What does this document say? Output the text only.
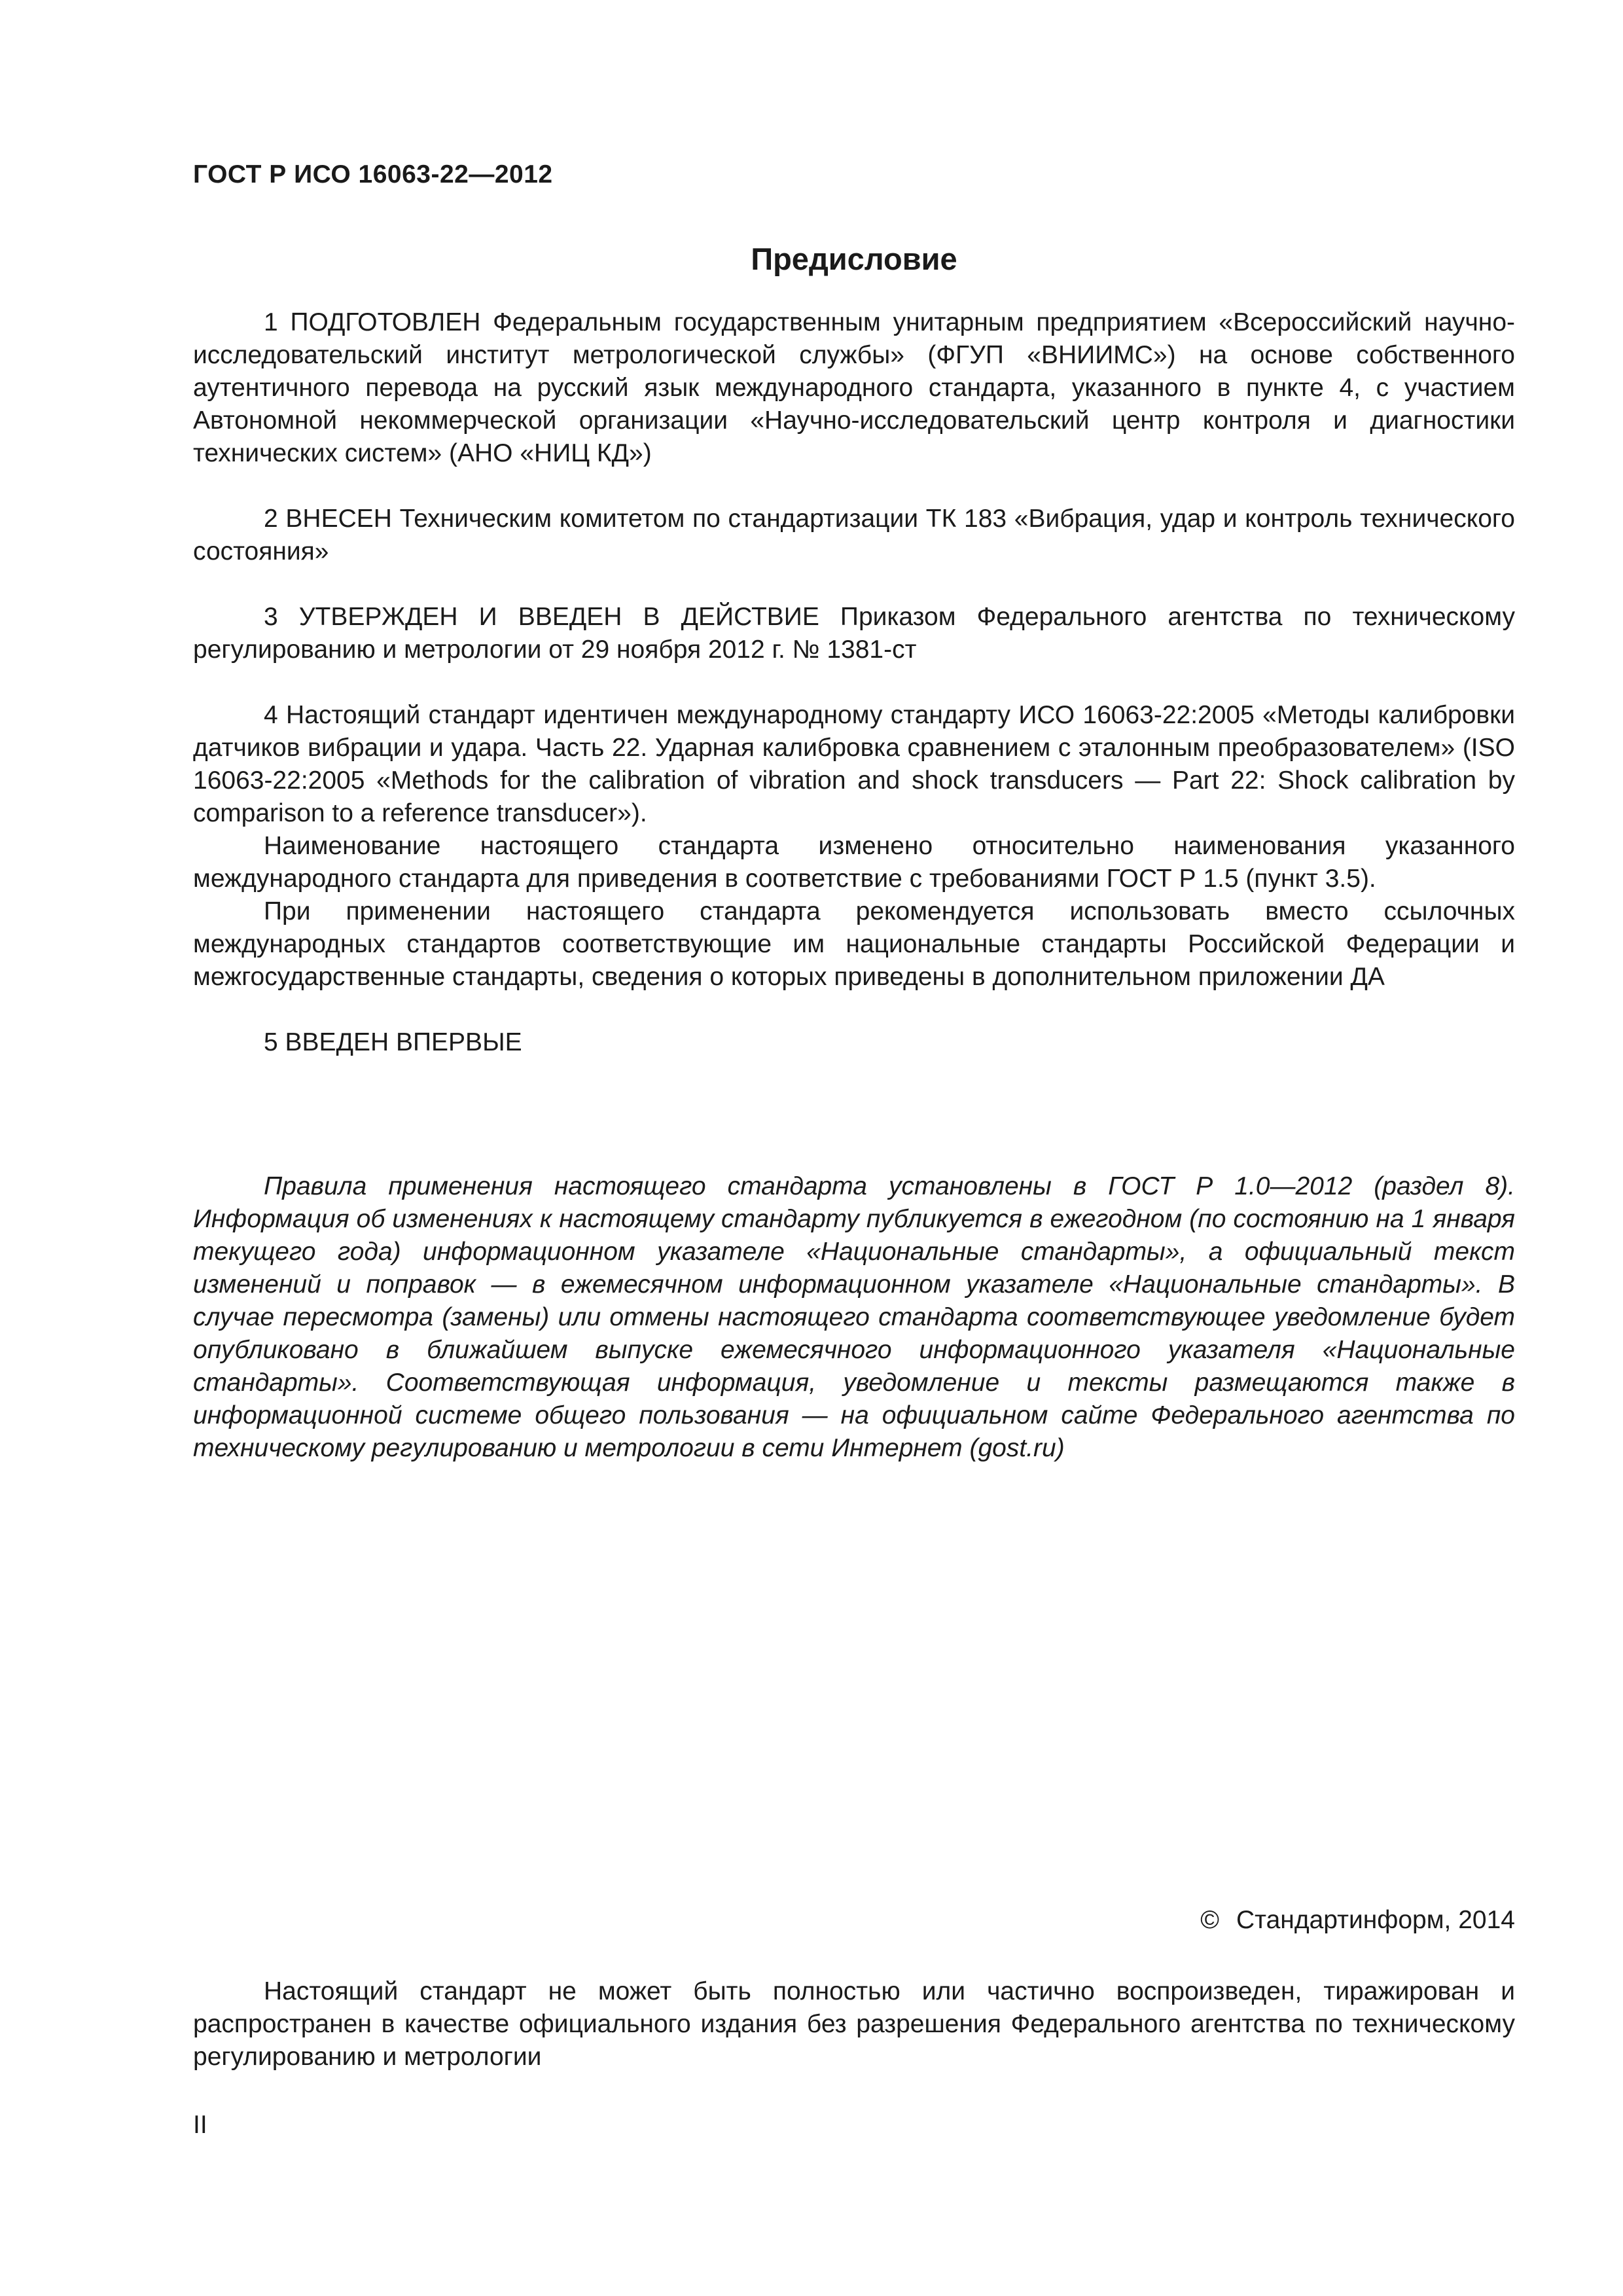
ГОСТ Р ИСО 16063-22—2012
Предисловие

1 ПОДГОТОВЛЕН Федеральным государственным унитарным предприятием «Всероссийский научно-исследовательский институт метрологической службы» (ФГУП «ВНИИМС») на основе собственного аутентичного перевода на русский язык международного стандарта, указанного в пункте 4, с участием Автономной некоммерческой организации «Научно-исследовательский центр контроля и диагностики технических систем» (АНО «НИЦ КД»)

2 ВНЕСЕН Техническим комитетом по стандартизации ТК 183 «Вибрация, удар и контроль технического состояния»

3 УТВЕРЖДЕН И ВВЕДЕН В ДЕЙСТВИЕ Приказом Федерального агентства по техническому регулированию и метрологии от 29 ноября 2012 г. № 1381-ст

4 Настоящий стандарт идентичен международному стандарту ИСО 16063-22:2005 «Методы калибровки датчиков вибрации и удара. Часть 22. Ударная калибровка сравнением с эталонным преобразователем» (ISO 16063-22:2005 «Methods for the calibration of vibration and shock transducers — Part 22: Shock calibration by comparison to a reference transducer»).

Наименование настоящего стандарта изменено относительно наименования указанного международного стандарта для приведения в соответствие с требованиями ГОСТ Р 1.5 (пункт 3.5).

При применении настоящего стандарта рекомендуется использовать вместо ссылочных международных стандартов соответствующие им национальные стандарты Российской Федерации и межгосударственные стандарты, сведения о которых приведены в дополнительном приложении ДА

5 ВВЕДЕН ВПЕРВЫЕ

Правила применения настоящего стандарта установлены в ГОСТ Р 1.0—2012 (раздел 8). Информация об изменениях к настоящему стандарту публикуется в ежегодном (по состоянию на 1 января текущего года) информационном указателе «Национальные стандарты», а официальный текст изменений и поправок — в ежемесячном информационном указателе «Национальные стандарты». В случае пересмотра (замены) или отмены настоящего стандарта соответствующее уведомление будет опубликовано в ближайшем выпуске ежемесячного информационного указателя «Национальные стандарты». Соответствующая информация, уведомление и тексты размещаются также в информационной системе общего пользования — на официальном сайте Федерального агентства по техническому регулированию и метрологии в сети Интернет (gost.ru)

© Стандартинформ, 2014

Настоящий стандарт не может быть полностью или частично воспроизведен, тиражирован и распространен в качестве официального издания без разрешения Федерального агентства по техническому регулированию и метрологии

II
